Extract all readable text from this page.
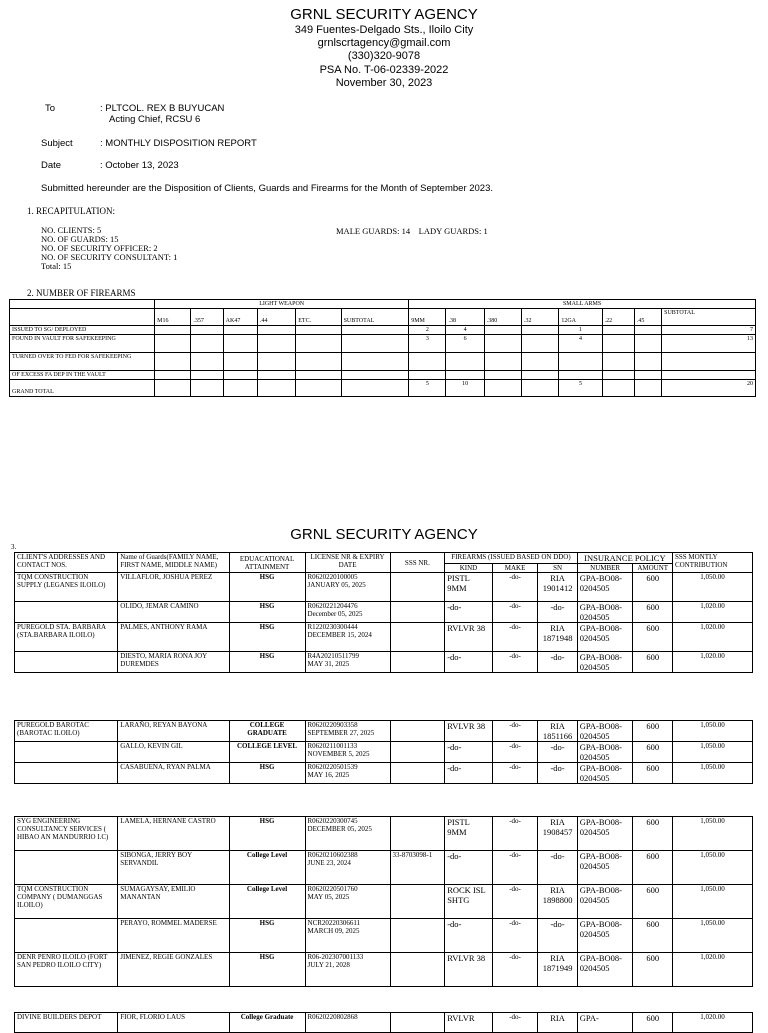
GRNL SECURITY AGENCY
349 Fuentes-Delgado Sts., Iloilo City
grnlscrtagency@gmail.com
(330)320-9078
PSA No. T-06-02339-2022
November 30, 2023
To	: PLTCOL. REX B BUYUCAN
Acting Chief, RCSU 6
Subject	: MONTHLY DISPOSITION REPORT
Date	: October 13, 2023
Submitted hereunder are the Disposition of Clients, Guards and Firearms for the Month of September 2023.
1. RECAPITULATION:
NO. CLIENTS: 5
NO. OF GUARDS: 15
NO. OF SECURITY OFFICER: 2
NO. OF SECURITY CONSULTANT: 1
Total: 15
MALE GUARDS: 14 LADY GUARDS: 1
2. NUMBER OF FIREARMS
	LIGHT WEAPON						SMALL ARMS							
	M16	.357	AK47	.44	ETC.	SUBTOTAL	9MM	.38	.380	.32	12GA	.22	.45	SUBTOTAL
ISSUED TO SG/ DEPLOYED							2	4			1			7
FOUND IN VAULT FOR SAFEKEEPING							3	6			4			13
TURNED OVER TO FED FOR SAFEKEEPING														
OF EXCESS FA DEP IN THE VAULT														
GRAND TOTAL							5	10			5			20
GRNL SECURITY AGENCY
3.
CLIENT'S ADDRESSES AND CONTACT NOS.	Name of Guards(FAMILY NAME, FIRST NAME, MIDDLE NAME)	EDUACATIONAL ATTAINMENT	LICENSE NR & EXPIRY DATE	SSS NR.	FIREARMS (ISSUED BASED ON DDO)			INSURANCE POLICY		SSS MONTLY CONTRIBUTION
					KIND	MAKE	SN	NUMBER	AMOUNT	
TQM CONSTRUCTION SUPPLY (LEGANES ILOILO)	VILLAFLOR, JOSHUA PEREZ	HSG	R0620220100005
JANUARY 05, 2025		PISTL 9MM	-do-	RIA 1901412	GPA-BO08-0204505	600	1,050.00
	OLIDO, JEMAR CAMINO	HSG	R0620221204476
December 05, 2025		-do-	-do-	-do-	GPA-BO08-0204505	600	1,020.00
PUREGOLD STA. BARBARA (STA.BARBARA ILOILO)	PALMES, ANTHONY RAMA	HSG	R1220230300444
DECEMBER 15, 2024		RVLVR 38	-do-	RIA 1871948	GPA-BO08-0204505	600	1,020.00
	DIESTO, MARIA RONA JOY DUREMDES	HSG	R4A20210511799
MAY 31, 2025		-do-	-do-	-do-	GPA-BO08-0204505	600	1,020.00
PUREGOLD BAROTAC (BAROTAC ILOILO)	LARAÑO, REYAN BAYONA	COLLEGE GRADUATE	R0620220903358
SEPTEMBER 27, 2025		RVLVR 38	-do-	RIA 1851166	GPA-BO08-0204505	600	1,050.00
	GALLO, KEVIN GIL	COLLEGE LEVEL	R0620211001133
NOVEMBER 5, 2025		-do-	-do-	-do-	GPA-BO08-0204505	600	1,050.00
	CASABUENA, RYAN PALMA	HSG	R0620220501539
MAY 16, 2025		-do-	-do-	-do-	GPA-BO08-0204505	600	1,050.00
SYG ENGINEERING CONSULTANCY SERVICES ( HIBAO AN MANDURRIO I.C)	LAMELA, HERNANE CASTRO	HSG	R0620220300745
DECEMBER 05, 2025		PISTL 9MM	-do-	RIA 1908457	GPA-BO08-0204505	600	1,050.00
	SIBONGA, JERRY BOY SERVANDIL	College Level	R0620210602388
JUNE 23, 2024	33-8703098-1	-do-	-do-	-do-	GPA-BO08-0204505	600	1,050.00
TQM CONSTRUCTION COMPANY ( DUMANGGAS ILOILO)	SUMAGAYSAY, EMILIO MANANTAN	College Level	R0620220501760
MAY 05, 2025		ROCK ISL SHTG	-do-	RIA 1898800	GPA-BO08-0204505	600	1,050.00
	PERAYO, ROMMEL MADERSE	HSG	NCR20220306611
MARCH 09, 2025		-do-	-do-	-do-	GPA-BO08-0204505	600	1,050.00
DENR PENRO ILOILO (FORT SAN PEDRO ILOILO CITY)	JIMENEZ, REGIE GONZALES	HSG	R06-202307001133
JULY 21, 2028		RVLVR 38	-do-	RIA 1871949	GPA-BO08-0204505	600	1,020.00
DIVINE BUILDERS DEPOT	FIOR, FLORIO LAUS	College Graduate	R0620220802868		RVLVR	-do-	RIA	GPA-	600	1,020.00
